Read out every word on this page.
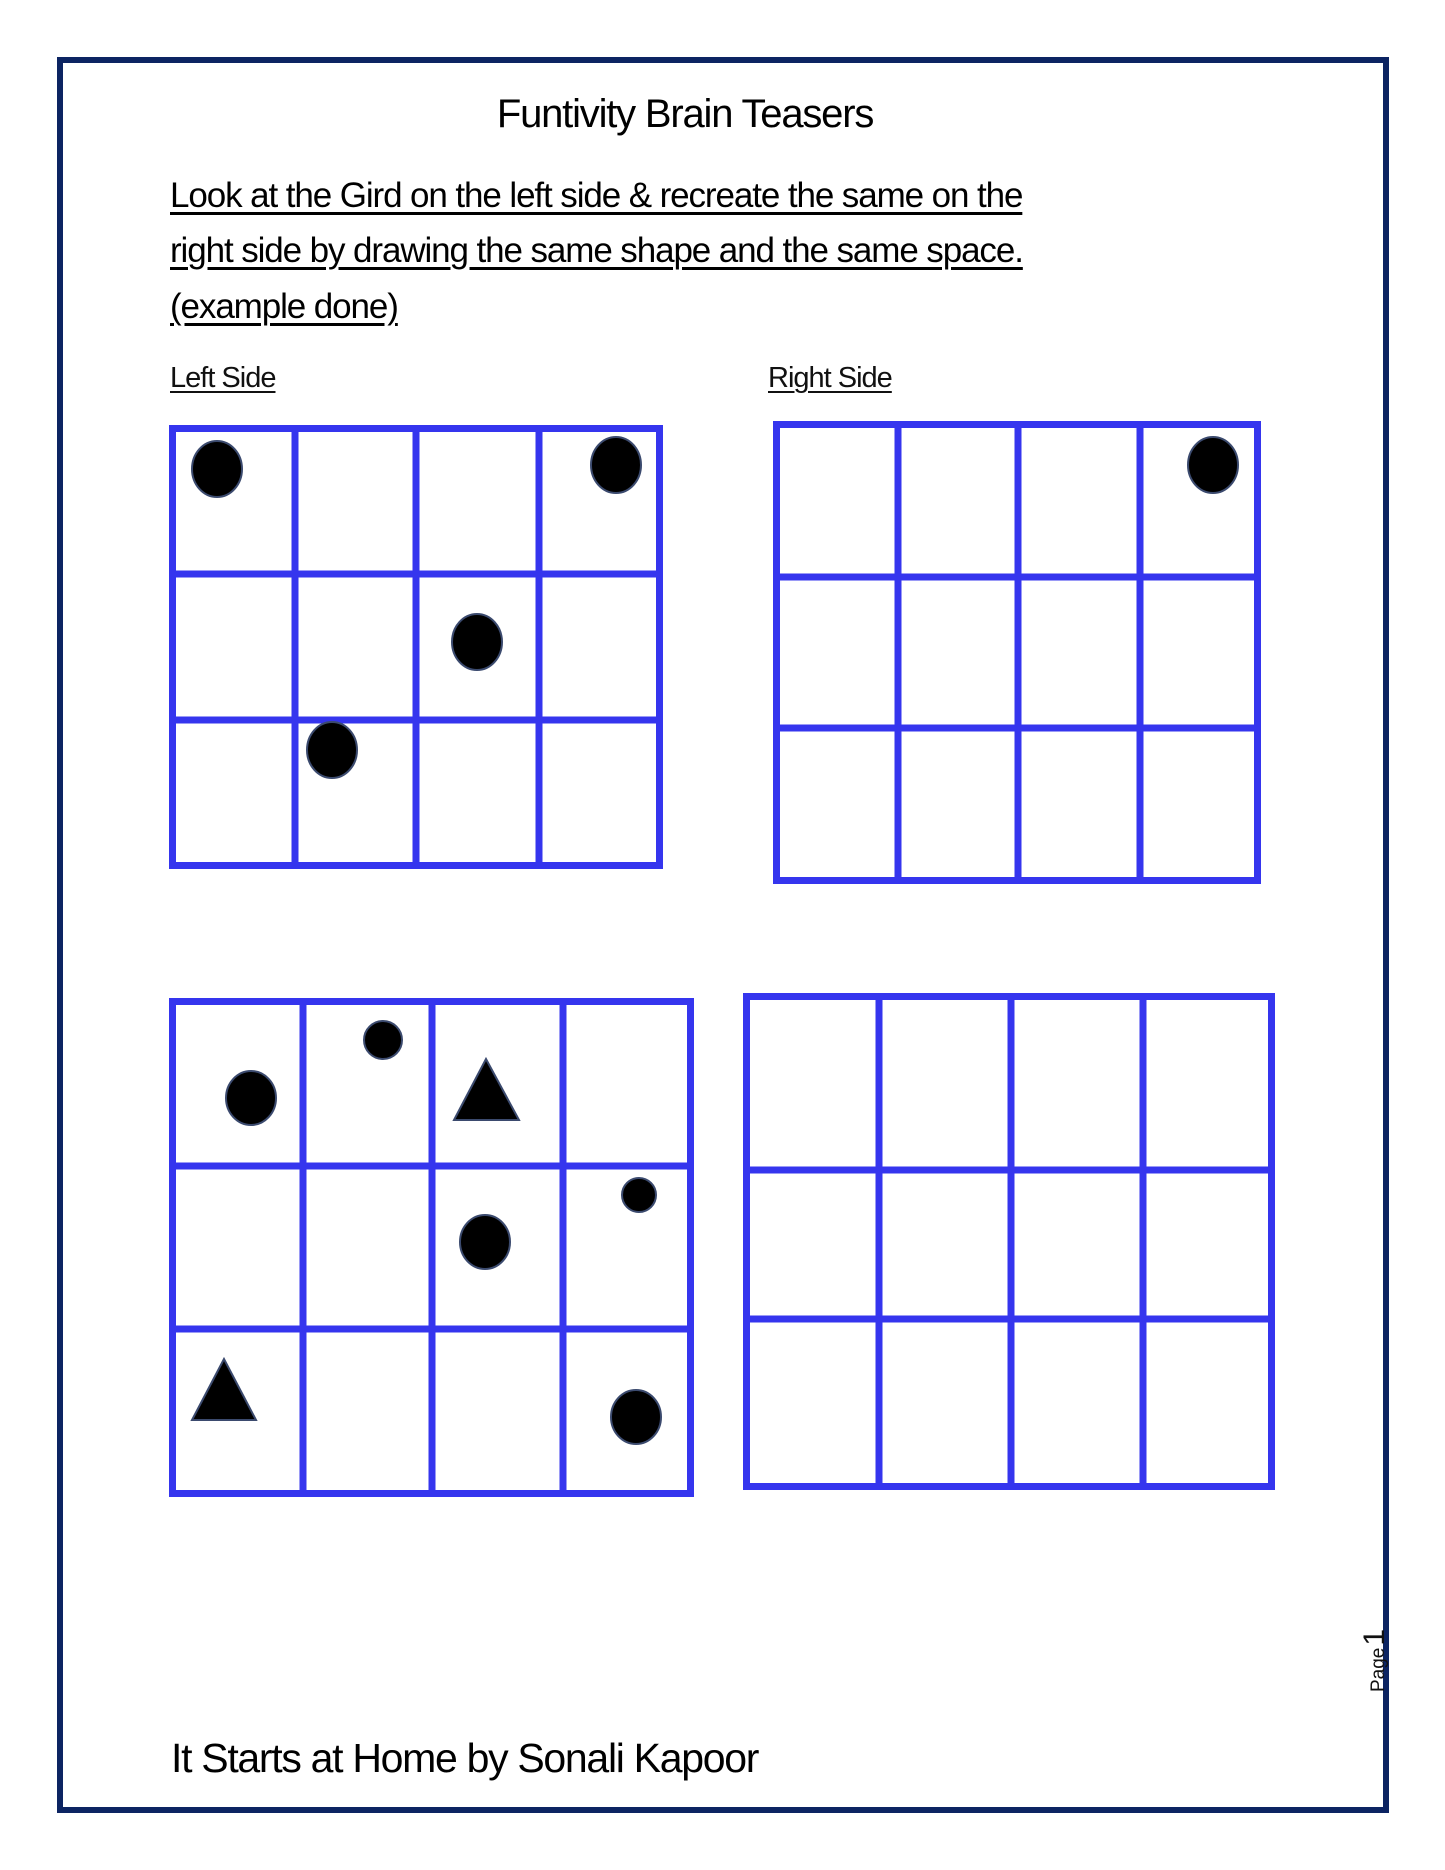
Funtivity Brain Teasers
Look at the Gird on the left side & recreate the same on the
right side by drawing the same shape and the same space.
(example done)
Left Side	Right Side
It Starts at Home by Sonali Kapoor
Page1
